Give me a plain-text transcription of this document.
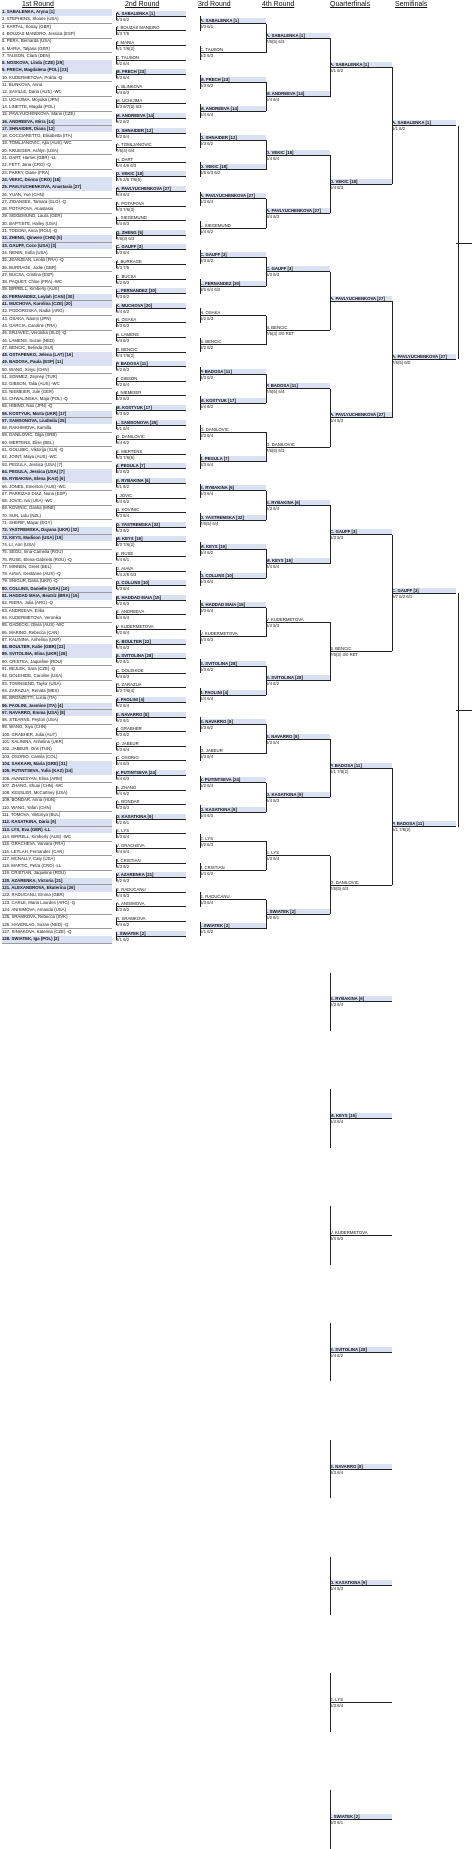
1st Round	2nd Round	3rd Round	4th Round	Quarterfinals	Semifinals
1. SABALENKA, Aryna [1]
2. STEPHENS, Sloane (USA)
3. KARTAL, Sonay (GBR)
4. BOUZAS MANEIRO, Jessica (ESP)
5. PERA, Bernarda (USA)
6. MARIA, Tatjana (GER)
7. TAUSON, Clara (DEN)
8. NOSKOVA, Linda (CZE) [29]
9. FRECH, Magdalena (POL) [23]
10. KUDERMETOVA, Polina -Q
11. BLINKOVA, Anna
12. SAVILLE, Daria (AUS) -WC
13. UCHIJIMA, Moyuka (JPN)
14. LINETTE, Magda (POL)
15. PAVLYUCHENKOVA, Marie (CZE)
16. ANDREEVA, Mirra [14]
17. SHNAIDER, Diana [12]
18. COCCIARETTO, Elisabetta (ITA)
19. TOMLJANOVIC, Ajla (AUS) -WC
20. KRUEGER, Ashlyn (USA)
21. DART, Harriet (GBR) -LL
22. FETT, Jana (CRO) -Q
23. PARRY, Diane (FRA)
24. VEKIC, Donna (CRO) [18]
25. PAVLYUCHENKOVA, Anastasia [27]
26. YUAN, Yue (CHN)
27. ZIDANSEK, Tamara (SLO) -Q
28. POTAPOVA, Anastasia
29. SIEGEMUND, Laura (GER)
30. BAPTISTE, Hailey (USA)
31. TODONI, Anca (ROU) -Q
32. ZHENG, Qinwen (CHN) [5]
33. GAUFF, Coco (USA) [3]
34. NENIN, Sofia (USA)
35. JEANJEAN, Leolia (FRA) -Q
36. BURRAGE, Jodie (GBR)
37. BUCSA, Cristina (ESP)
38. PAQUET, Chloe (FRA) -WC
39. BIRRELL, Kimberly (AUS)
40. FERNANDEZ, Leylah (CAN) [30]
41. MUCHOVA, Karolina (CZE) [20]
42. PODOROSKA, Nadia (ARG)
43. OSAKA, Naomi (JPN)
44. GARCIA, Caroline (FRA)
45. ERJAVEC, Veronika (SLO) -Q
46. LAMENS, Suzan (NED)
47. BENCIC, Belinda (SUI)
48. OSTAPENKO, Jelena (LAT) [16]
49. BADOSA, Paula (ESP) [11]
50. WANG, Xinyu (CHN)
51. SONMEZ, Zeynep (TUR)
52. GIBSON, Talia (AUS) -WC
53. NIEMEIER, Jule (GER)
54. CHWALINSKA, Maja (POL) -Q
55. HIBINO, Nao (JPN) -Q
56. KOSTYUK, Marta (UKR) [17]
57. SAMSONOVA, Liudmila [25]
58. RAKHIMOVA, Kamilla
59. DANILOVIC, Olga (SRB)
60. MERTENS, Elise (BEL)
61. GOLUBIC, Viktorija (SUI) -Q
62. JOINT, Maya (AUS) -WC
63. PEGULA, Jessica (USA) [7]
64. PEGULA, Jessica (USA) [7]
65. RYBAKINA, Elena (KAZ) [6]
66. JONES, Emerson (AUS) -WC
67. PARRIZAS DIAZ, Nuria (ESP)
68. JOVIC, Iva (USA) -WC
69. KOVINIC, Danka (MNE)
70. SUN, Lulu (NZL)
71. SHERIF, Mayar (EGY)
72. YASTREMSKA, Dayana (UKR) [32]
73. KEYS, Madison (USA) [19]
74. LI, Ann (USA)
75. SEGU, Irina-Camelia (ROU)
76. RUSE, Elena-Gabriela (ROU) -Q
77. MINNEN, Greet (BEL)
78. AIAVA, Destanee (AUS) -Q
79. SNIGUR, Daria (UKR) -Q
80. COLLINS, Danielle (USA) [10]
81. HADDAD MAIA, Beatriz (BRA) [15]
82. RIERA, Julia (ARG) -Q
83. ANDREEVA, Erika
84. KUDERMETOVA, Veronika
85. GADECKI, Olivia (AUS) -WC
86. MARINO, Rebecca (CAN)
87. KALININA, Anhelina (UKR)
88. BOULTER, Katie (GBR) [22]
89. SVITOLINA, Elina (UKR) [28]
90. CRISTEA, Jaqueline (ROU)
91. BEJLEK, Sara (CZE) -Q
92. DOLEHIDE, Caroline (USA)
93. TOWNSEND, Taylor (USA)
94. ZARAZUA, Renata (MEX)
95. BRONZETTI, Lucia (ITA)
96. PAOLINI, Jasmine (ITA) [4]
97. NAVARRO, Emma (USA) [8]
98. STEARNS, Peyton (USA)
99. WANG, Xiyu (CHN)
100. GRABHER, Julia (AUT)
101. KALININA, Anhelina (UKR)
102. JABEUR, Ons (TUN)
103. OSORIO, Camila (COL)
104. SAKKARI, Maria (GRE) [31]
105. PUTINTSEVA, Yulia (KAZ) [24]
106. AVANESYAN, Elina (ARM)
107. ZHANG, Shuai (CHN) -WC
108. KESSLER, McCartney (USA)
109. BONDAR, Anna (HUN)
110. WANG, Yafan (CHN)
111. TOMOVA, Viktoriya (BUL)
112. KASATKINA, Daria [9]
113. LYS, Eva (GER) -LL
114. BIRRELL, Kimberly (AUS) -WC
115. GRACHEVA, Varvara (FRA)
116. LEYLAH, Fernandez (CAN)
117. MCNALLY, Caty (USA)
118. MARTIC, Petra (CRO) -LL
119. CRISTIAN, Jaqueline (ROU)
120. AZARENKA, Victoria [21]
121. ALEXANDROVA, Ekaterina [26]
122. RADUCANU, Emma (GBR)
123. CARLE, Maria Lourdes (ARG) -Q
124. ANISIMOVA, Amanda (USA)
125. SRAMKOVA, Rebecca (SVK)
126. HAVERLAG, Suzan (NED) -Q
127. SINIAKOVA, Katerina (CZE) -Q
128. SWIATEK, Iga (POL) [2]
A. SABALENKA [1]
6/3 6/2
J. BOUZAS MANEIRO
6/3 7/5
T. MARIA
6/1 7/6(2)
C. TAUSON
6/2 6/4
M. FRECH [23]
6/3 6/4
A. BLINKOVA
6/4 6/3
M. UCHIJIMA
6/3 6/7(5) 6/3
M. ANDREEVA [14]
6/2 6/2
D. SHNAIDER [12]
6/2 6/4
A. TOMLJANOVIC
7/6(4) 6/4
H. DART
6/4 4/6 6/3
D. VEKIC [18]
7/5 2/6 7/6(5)
A. PAVLYUCHENKOVA [27]
6/4 6/4
A. POTAPOVA
6/3 7/6(3)
L. SIEGEMUND
6/4 6/3
Q. ZHENG [5]
7/6(3) 6/3
C. GAUFF [3]
6/3 6/4
J. BURRAGE
6/3 7/5
C. BUCSA
6/2 6/3
L. FERNANDEZ [30]
6/3 6/2
K. MUCHOVA [20]
6/4 6/2
N. OSAKA
6/3 6/3
S. LAMENS
6/4 6/3
B. BENCIC
6/4 7/6(2)
P. BADOSA [11]
6/2 6/3
T. GIBSON
6/2 6/4
J. NIEMEIER
6/3 6/3
M. KOSTYUK [17]
6/3 6/2
L. SAMSONOVA [25]
6/1 6/4
O. DANILOVIC
6/4 6/2
E. MERTENS
6/3 7/6(5)
J. PEGULA [7]
6/3 6/3
E. RYBAKINA [6]
6/1 6/2
I. JOVIC
6/4 6/2
D. KOVINIC
6/3 6/4
D. YASTREMSKA [32]
6/3 6/2
M. KEYS [19]
6/3 7/6(2)
E. RUSE
6/4 6/1
D. AIAVA
6/4 2/6 6/3
D. COLLINS [10]
6/3 6/4
B. HADDAD MAIA [15]
6/2 6/3
E. ANDREEVA
6/4 6/4
V. KUDERMETOVA
6/2 6/4
K. BOULTER [22]
6/4 6/3
E. SVITOLINA [28]
6/2 6/1
C. DOLEHIDE
6/4 6/3
R. ZARAZUA
6/3 7/6(4)
J. PAOLINI [4]
6/2 6/4
E. NAVARRO [8]
6/2 6/1
J. GRABHER
6/3 6/2
O. JABEUR
6/3 6/4
C. OSORIO
6/4 6/3
Y. PUTINTSEVA [24]
6/4 6/3
S. ZHANG
6/4 6/2
A. BONDAR
6/3 6/3
D. KASATKINA [9]
6/2 6/1
E. LYS
6/3 6/4
V. GRACHEVA
6/4 6/4
J. CRISTIAN
6/3 6/2
V. AZARENKA [21]
6/2 6/3
E. RADUCANU
6/4 6/3
A. ANISIMOVA
6/3 6/2
R. SRAMKOVA
6/4 6/2
I. SWIATEK [2]
6/1 6/2
A. SABALENKA [1]
6/3 6/1
C. TAUSON
6/2 6/3
M. FRECH [23]
6/3 6/2
M. ANDREEVA [14]
6/4 6/4
D. SHNAIDER [12]
6/3 6/2
D. VEKIC [18]
4/6 6/3 6/2
A. PAVLYUCHENKOVA [27]
6/3 6/4
L. SIEGEMUND
6/4 6/2
C. GAUFF [3]
6/3 6/2
L. FERNANDEZ [30]
3/6 6/4 6/2
N. OSAKA
6/2 6/3
B. BENCIC
6/2 6/2
P. BADOSA [11]
6/3 6/2
M. KOSTYUK [17]
6/4 6/2
O. DANILOVIC
6/3 6/4
J. PEGULA [7]
6/3 6/4
E. RYBAKINA [6]
6/3 6/4
D. YASTREMSKA [32]
7/6(5) 6/4
M. KEYS [19]
6/4 6/2
D. COLLINS [10]
6/3 6/4
B. HADDAD MAIA [15]
6/3 6/4
V. KUDERMETOVA
6/4 6/3
E. SVITOLINA [28]
6/3 6/2
J. PAOLINI [4]
6/4 6/4
E. NAVARRO [8]
6/3 6/2
O. JABEUR
6/3 6/4
Y. PUTINTSEVA [24]
6/2 6/4
D. KASATKINA [9]
6/4 6/3
E. LYS
6/2 6/3
J. CRISTIAN
6/4 6/2
E. RADUCANU
6/3 6/4
I. SWIATEK [2]
6/1 6/2
A. SABALENKA [1]
7/6(5) 6/3
M. ANDREEVA [14]
6/4 6/4
D. VEKIC [18]
6/4 6/4
A. PAVLYUCHENKOVA [27]
6/4 6/3
C. GAUFF [3]
6/3 6/3
B. BENCIC
7/6(3) 3/0 RET
P. BADOSA [11]
7/6(5) 6/4
O. DANILOVIC
7/6(5) 6/3
E. RYBAKINA [6]
6/3 6/4
M. KEYS [19]
6/4 6/4
V. KUDERMETOVA
6/4 6/3
E. SVITOLINA [28]
6/4 6/2
E. NAVARRO [8]
6/3 6/4
D. KASATKINA [9]
6/4 6/3
E. LYS
6/3 6/4
I. SWIATEK [2]
6/0 6/1
A. SABALENKA [1]
6/1 6/2
D. VEKIC [18]
6/4 6/3
A. PAVLYUCHENKOVA [27]
A. PAVLYUCHENKOVA [27]
6/4 6/3
C. GAUFF [3]
6/3 6/3
B. BENCIC
7/6(3) 3/0 RET
P. BADOSA [11]
6/1 7/6(2)
O. DANILOVIC
7/6(5) 6/3
E. RYBAKINA [6]
6/3 6/4
M. KEYS [19]
6/4 6/4
V. KUDERMETOVA
6/4 6/3
E. SVITOLINA [28]
6/4 6/2
E. NAVARRO [8]
6/3 6/4
D. KASATKINA [9]
6/4 6/3
E. LYS
6/3 6/4
I. SWIATEK [2]
6/0 6/1
A. SABALENKA [1]
6/1 6/2
A. PAVLYUCHENKOVA [27]
7/6(5) 6/0
C. GAUFF [3]
5/7 6/2 6/1
P. BADOSA [11]
6/1 7/6(2)
